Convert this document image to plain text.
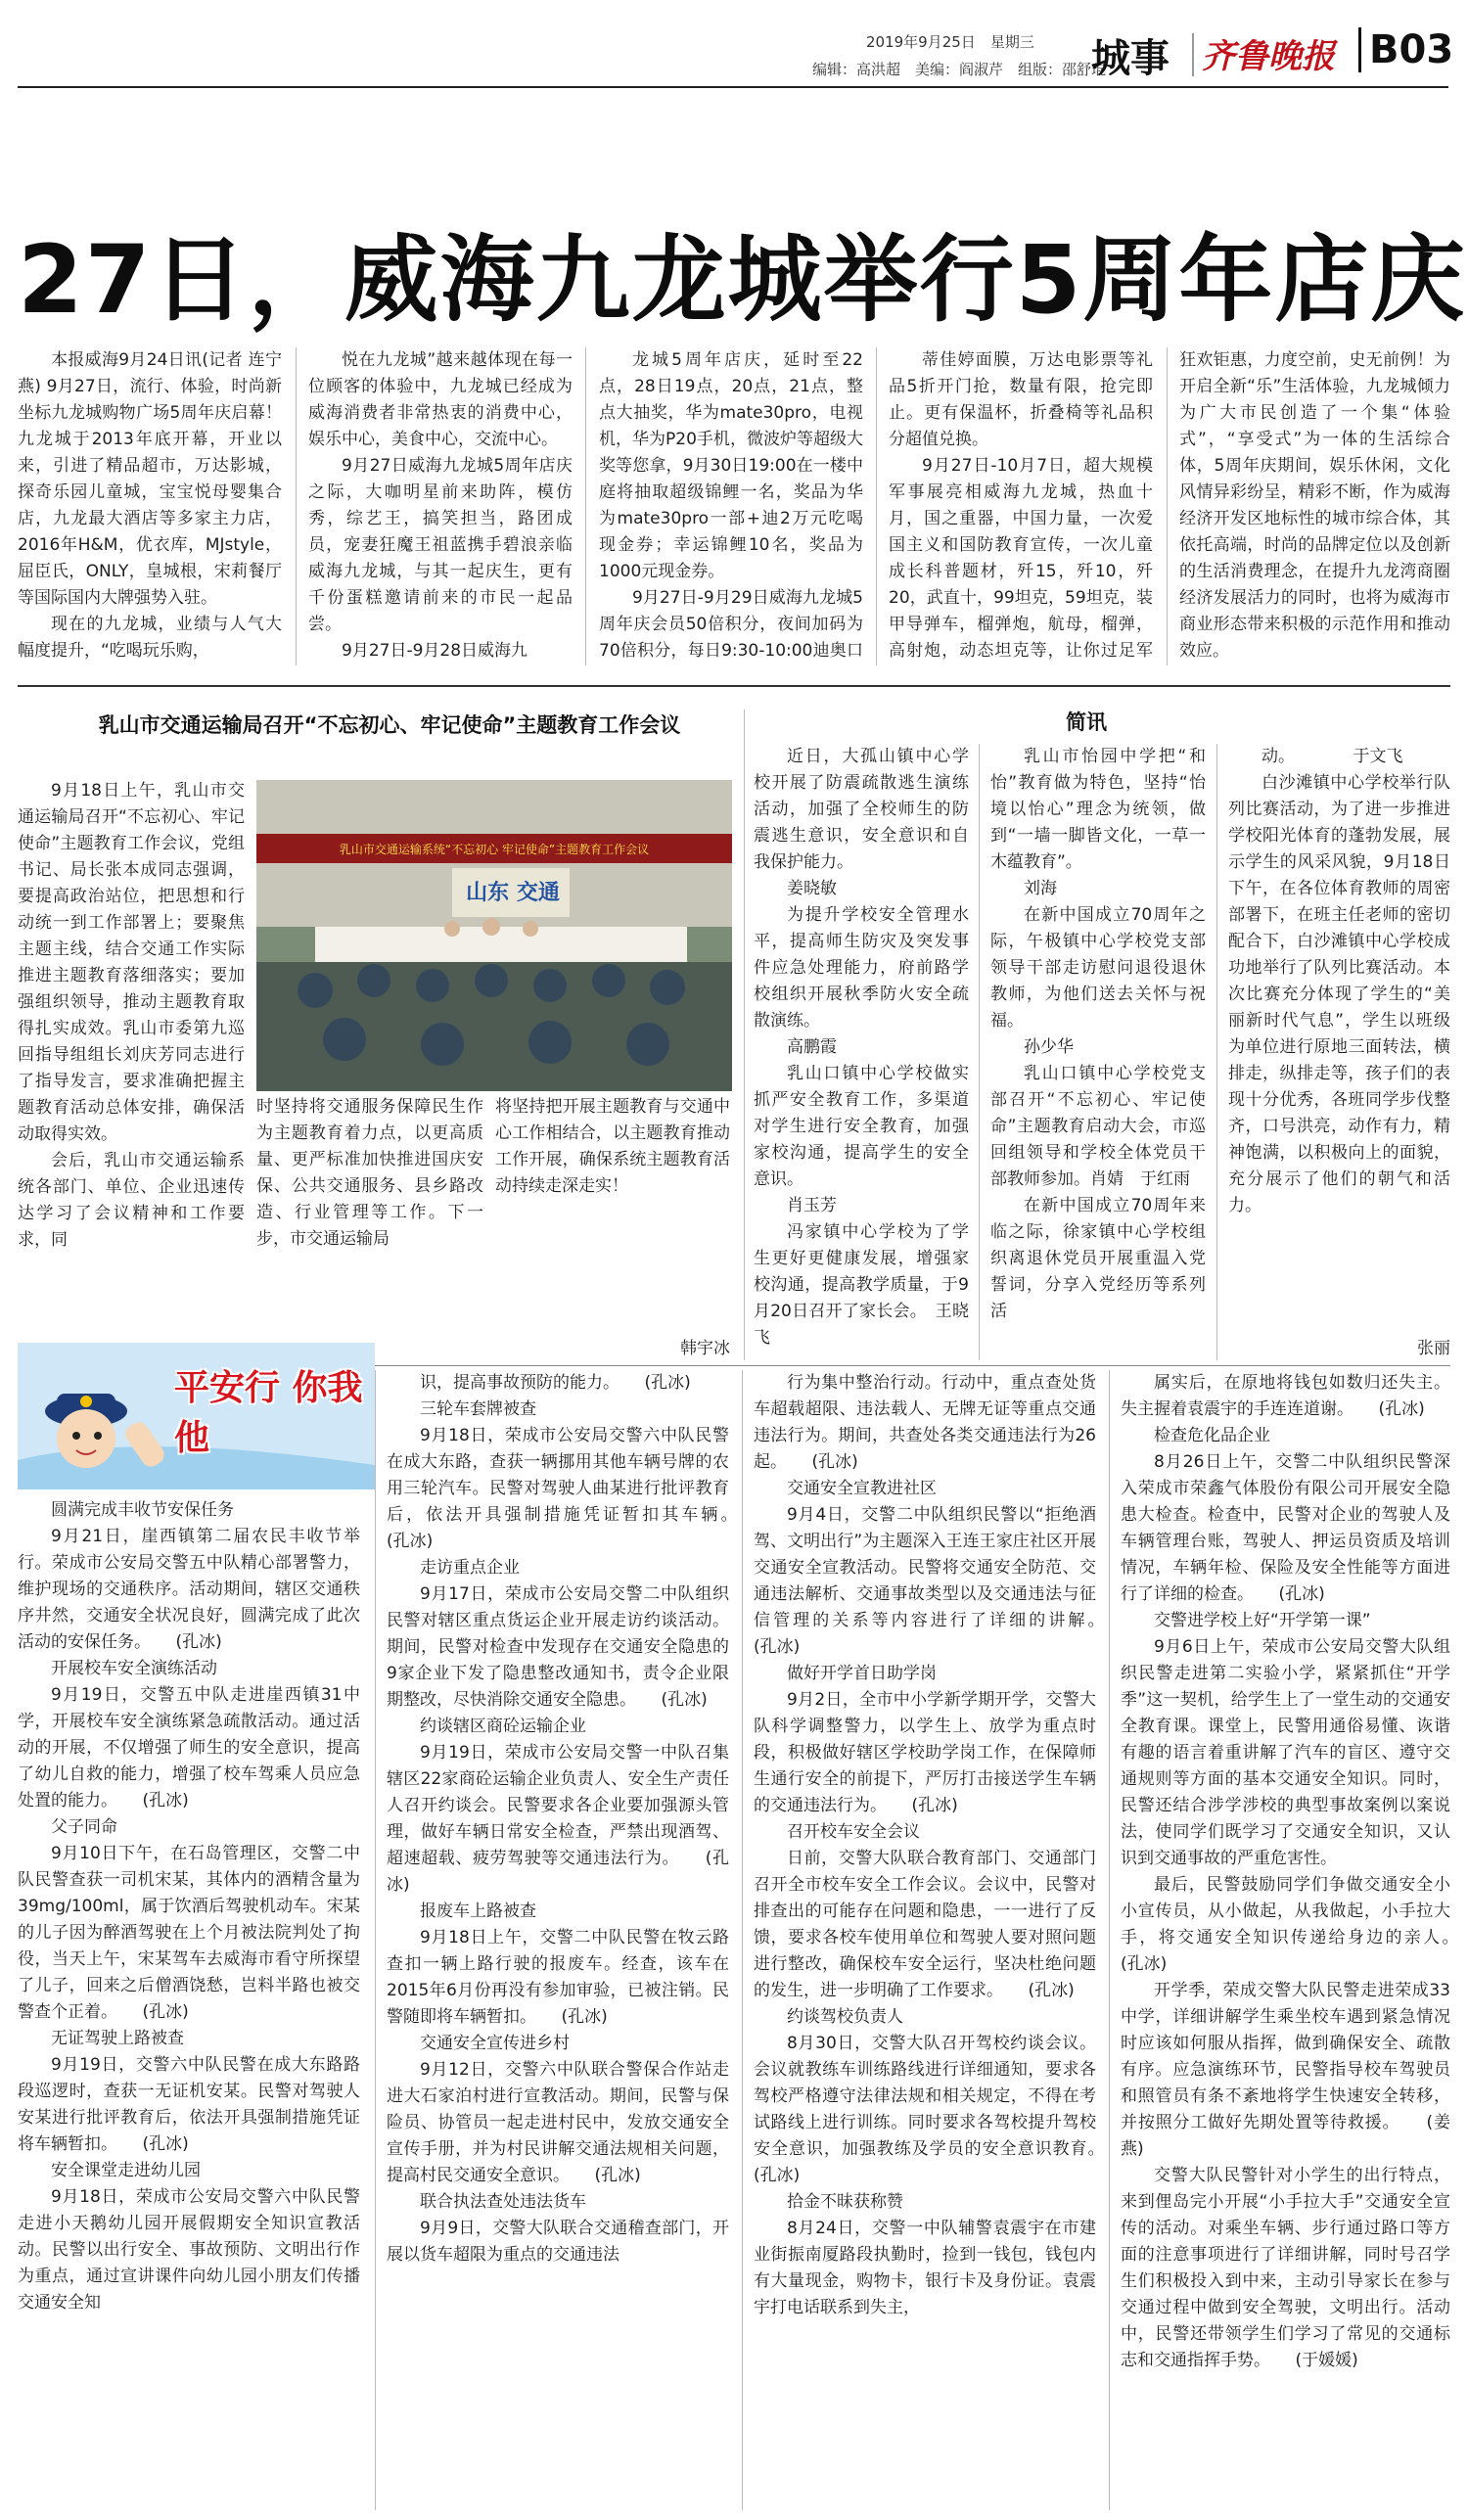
2019年9月25日　 星期三
编辑：高洪超　美编：阎淑芹　组版：邵舒琨
城事 齐鲁晚报 B03
27日，威海九龙城举行5周年店庆
本报威海9月24日讯(记者 连宁燕) 9月27日，流行、体验，时尚新坐标九龙城购物广场5周年庆启幕！九龙城于2013年底开幕，开业以来，引进了精品超市，万达影城，探奇乐园儿童城，宝宝悦母婴集合店，九龙最大酒店等多家主力店，2016年H&M，优衣库，MJstyle，屈臣氏，ONLY，皇城根，宋莉餐厅等国际国内大牌强势入驻。
现在的九龙城，业绩与人气大幅度提升，“吃喝玩乐购，
悦在九龙城”越来越体现在每一位顾客的体验中，九龙城已经成为威海消费者非常热衷的消费中心，娱乐中心，美食中心，交流中心。
9月27日威海九龙城5周年店庆之际，大咖明星前来助阵，模仿秀，综艺王，搞笑担当，路团成员，宠妻狂魔王祖蓝携手碧浪亲临威海九龙城，与其一起庆生，更有千份蛋糕邀请前来的市民一起品尝。
9月27日-9月28日威海九
龙城5周年店庆，延时至22点，28日19点，20点，21点，整点大抽奖，华为mate30pro，电视机，华为P20手机，微波炉等超级大奖等您拿，9月30日19:00在一楼中庭将抽取超级锦鲤一名，奖品为华为mate30pro一部+迪2万元吃喝现金券；幸运锦鲤10名，奖品为1000元现金券。
9月27日-9月29日威海九龙城5周年庆会员50倍积分，夜间加码为70倍积分，每日9:30-10:00迪奥口
蒂佳婷面膜，万达电影票等礼品5折开门抢，数量有限，抢完即止。更有保温杯，折叠椅等礼品积分超值兑换。
9月27日-10月7日，超大规模军事展亮相威海九龙城，热血十月，国之重器，中国力量，一次爱国主义和国防教育宣传，一次儿童成长科普题材，歼15，歼10，歼20，武直十，99坦克，59坦克，装甲导弹车，榴弹炮，航母，榴弹，高射炮，动态坦克等，让你过足军
狂欢钜惠，力度空前，史无前例！为开启全新“乐”生活体验，九龙城倾力为广大市民创造了一个集“体验式”，“享受式”为一体的生活综合体，5周年庆期间，娱乐休闲，文化风情异彩纷呈，精彩不断，作为威海经济开发区地标性的城市综合体，其依托高端，时尚的品牌定位以及创新的生活消费理念，在提升九龙湾商圈经济发展活力的同时，也将为威海市商业形态带来积极的示范作用和推动效应。
乳山市交通运输局召开“不忘初心、牢记使命”主题教育工作会议
9月18日上午，乳山市交通运输局召开“不忘初心、牢记使命”主题教育工作会议，党组书记、局长张本成同志强调，要提高政治站位，把思想和行动统一到工作部署上；要聚焦主题主线，结合交通工作实际推进主题教育落细落实；要加强组织领导，推动主题教育取得扎实成效。乳山市委第九巡回指导组组长刘庆芳同志进行了指导发言，要求准确把握主题教育活动总体安排，确保活动取得实效。
会后，乳山市交通运输系统各部门、单位、企业迅速传达学习了会议精神和工作要求，同
乳山市交通运输系统“不忘初心 牢记使命”主题教育工作会议
山东 交通
时坚持将交通服务保障民生作为主题教育着力点，以更高质量、更严标准加快推进国庆安保、公共交通服务、县乡路改造、行业管理等工作。下一步，市交通运输局
将坚持把开展主题教育与交通中心工作相结合，以主题教育推动工作开展，确保系统主题教育活动持续走深走实！
韩宇冰
简讯
近日，大孤山镇中心学校开展了防震疏散逃生演练活动，加强了全校师生的防震逃生意识，安全意识和自我保护能力。
姜晓敏
为提升学校安全管理水平，提高师生防灾及突发事件应急处理能力，府前路学校组织开展秋季防火安全疏散演练。
高鹏霞
乳山口镇中心学校做实抓严安全教育工作，多渠道对学生进行安全教育，加强家校沟通，提高学生的安全意识。
肖玉芳
冯家镇中心学校为了学生更好更健康发展，增强家校沟通，提高教学质量，于9月20日召开了家长会。　王晓飞
乳山市怡园中学把“和怡”教育做为特色，坚持“怡境以怡心”理念为统领，做到“一墙一脚皆文化，一草一木蕴教育”。
刘海
在新中国成立70周年之际，午极镇中心学校党支部领导干部走访慰问退役退休教师，为他们送去关怀与祝福。
孙少华
乳山口镇中心学校党支部召开“不忘初心、牢记使命”主题教育启动大会，市巡回组领导和学校全体党员干部教师参加。肖婧　于红雨
在新中国成立70周年来临之际，徐家镇中心学校组织离退休党员开展重温入党誓词，分享入党经历等系列活
动。　　　　于文飞
白沙滩镇中心学校举行队列比赛活动，为了进一步推进学校阳光体育的蓬勃发展，展示学生的风采风貌，9月18日下午，在各位体育教师的周密部署下，在班主任老师的密切配合下，白沙滩镇中心学校成功地举行了队列比赛活动。本次比赛充分体现了学生的“美丽新时代气息”，学生以班级为单位进行原地三面转法，横排走，纵排走等，孩子们的表现十分优秀，各班同学步伐整齐，口号洪亮，动作有力，精神饱满，以积极向上的面貌，充分展示了他们的朝气和活力。
张丽
平安行 你我他
圆满完成丰收节安保任务
9月21日，崖西镇第二届农民丰收节举行。荣成市公安局交警五中队精心部署警力，维护现场的交通秩序。活动期间，辖区交通秩序井然，交通安全状况良好，圆满完成了此次活动的安保任务。　　(孔冰)
开展校车安全演练活动
9月19日，交警五中队走进崖西镇31中学，开展校车安全演练紧急疏散活动。通过活动的开展，不仅增强了师生的安全意识，提高了幼儿自救的能力，增强了校车驾乘人员应急处置的能力。　　(孔冰)
父子同命
9月10日下午，在石岛管理区，交警二中队民警查获一司机宋某，其体内的酒精含量为39mg/100ml，属于饮酒后驾驶机动车。宋某的儿子因为醉酒驾驶在上个月被法院判处了拘役，当天上午，宋某驾车去威海市看守所探望了儿子，回来之后僧酒饶愁，岂料半路也被交警查个正着。　　(孔冰)
无证驾驶上路被查
9月19日，交警六中队民警在成大东路路段巡逻时，查获一无证机安某。民警对驾驶人安某进行批评教育后，依法开具强制措施凭证将车辆暂扣。　　(孔冰)
安全课堂走进幼儿园
9月18日，荣成市公安局交警六中队民警走进小天鹅幼儿园开展假期安全知识宣教活动。民警以出行安全、事故预防、文明出行作为重点，通过宣讲课件向幼儿园小朋友们传播交通安全知
识，提高事故预防的能力。　　(孔冰)
三轮车套牌被查
9月18日，荣成市公安局交警六中队民警在成大东路，查获一辆挪用其他车辆号牌的农用三轮汽车。民警对驾驶人曲某进行批评教育后，依法开具强制措施凭证暂扣其车辆。　　(孔冰)
走访重点企业
9月17日，荣成市公安局交警二中队组织民警对辖区重点货运企业开展走访约谈活动。期间，民警对检查中发现存在交通安全隐患的9家企业下发了隐患整改通知书，责令企业限期整改，尽快消除交通安全隐患。　　(孔冰)
约谈辖区商砼运输企业
9月19日，荣成市公安局交警一中队召集辖区22家商砼运输企业负责人、安全生产责任人召开约谈会。民警要求各企业要加强源头管理，做好车辆日常安全检查，严禁出现酒驾、超速超载、疲劳驾驶等交通违法行为。　　(孔冰)
报废车上路被查
9月18日上午，交警二中队民警在牧云路查扣一辆上路行驶的报废车。经查，该车在2015年6月份再没有参加审验，已被注销。民警随即将车辆暂扣。　　(孔冰)
交通安全宣传进乡村
9月12日，交警六中队联合警保合作站走进大石家泊村进行宣教活动。期间，民警与保险员、协管员一起走进村民中，发放交通安全宣传手册，并为村民讲解交通法规相关问题，提高村民交通安全意识。　　(孔冰)
联合执法查处违法货车
9月9日，交警大队联合交通稽查部门，开展以货车超限为重点的交通违法
行为集中整治行动。行动中，重点查处货车超载超限、违法载人、无牌无证等重点交通违法行为。期间，共查处各类交通违法行为26起。　　(孔冰)
交通安全宣教进社区
9月4日，交警二中队组织民警以“拒绝酒驾、文明出行”为主题深入王连王家庄社区开展交通安全宣教活动。民警将交通安全防范、交通违法解析、交通事故类型以及交通违法与征信管理的关系等内容进行了详细的讲解。　　(孔冰)
做好开学首日助学岗
9月2日，全市中小学新学期开学，交警大队科学调整警力，以学生上、放学为重点时段，积极做好辖区学校助学岗工作，在保障师生通行安全的前提下，严厉打击接送学生车辆的交通违法行为。　　(孔冰)
召开校车安全会议
日前，交警大队联合教育部门、交通部门召开全市校车安全工作会议。会议中，民警对排查出的可能存在问题和隐患，一一进行了反馈，要求各校车使用单位和驾驶人要对照问题进行整改，确保校车安全运行，坚决杜绝问题的发生，进一步明确了工作要求。　　(孔冰)
约谈驾校负责人
8月30日，交警大队召开驾校约谈会议。会议就教练车训练路线进行详细通知，要求各驾校严格遵守法律法规和相关规定，不得在考试路线上进行训练。同时要求各驾校提升驾校安全意识，加强教练及学员的安全意识教育。　　(孔冰)
拾金不昧获称赞
8月24日，交警一中队辅警袁震宇在市建业街振南厦路段执勤时，捡到一钱包，钱包内有大量现金，购物卡，银行卡及身份证。袁震宇打电话联系到失主，
属实后，在原地将钱包如数归还失主。失主握着袁震宇的手连连道谢。　　(孔冰)
检查危化品企业
8月26日上午，交警二中队组织民警深入荣成市荣鑫气体股份有限公司开展安全隐患大检查。检查中，民警对企业的驾驶人及车辆管理台账，驾驶人、押运员资质及培训情况，车辆年检、保险及安全性能等方面进行了详细的检查。　　(孔冰)
交警进学校上好“开学第一课”
9月6日上午，荣成市公安局交警大队组织民警走进第二实验小学，紧紧抓住“开学季”这一契机，给学生上了一堂生动的交通安全教育课。课堂上，民警用通俗易懂、诙谐有趣的语言着重讲解了汽车的盲区、遵守交通规则等方面的基本交通安全知识。同时，民警还结合涉学涉校的典型事故案例以案说法，使同学们既学习了交通安全知识，又认识到交通事故的严重危害性。
最后，民警鼓励同学们争做交通安全小小宣传员，从小做起，从我做起，小手拉大手，将交通安全知识传递给身边的亲人。　　(孔冰)
开学季，荣成交警大队民警走进荣成33中学，详细讲解学生乘坐校车遇到紧急情况时应该如何服从指挥，做到确保安全、疏散有序。应急演练环节，民警指导校车驾驶员和照管员有条不紊地将学生快速安全转移，并按照分工做好先期处置等待救援。　　(姜燕)
交警大队民警针对小学生的出行特点，来到俚岛完小开展“小手拉大手”交通安全宣传的活动。对乘坐车辆、步行通过路口等方面的注意事项进行了详细讲解，同时号召学生们积极投入到中来，主动引导家长在参与交通过程中做到安全驾驶，文明出行。活动中，民警还带领学生们学习了常见的交通标志和交通指挥手势。　　(于媛媛)
